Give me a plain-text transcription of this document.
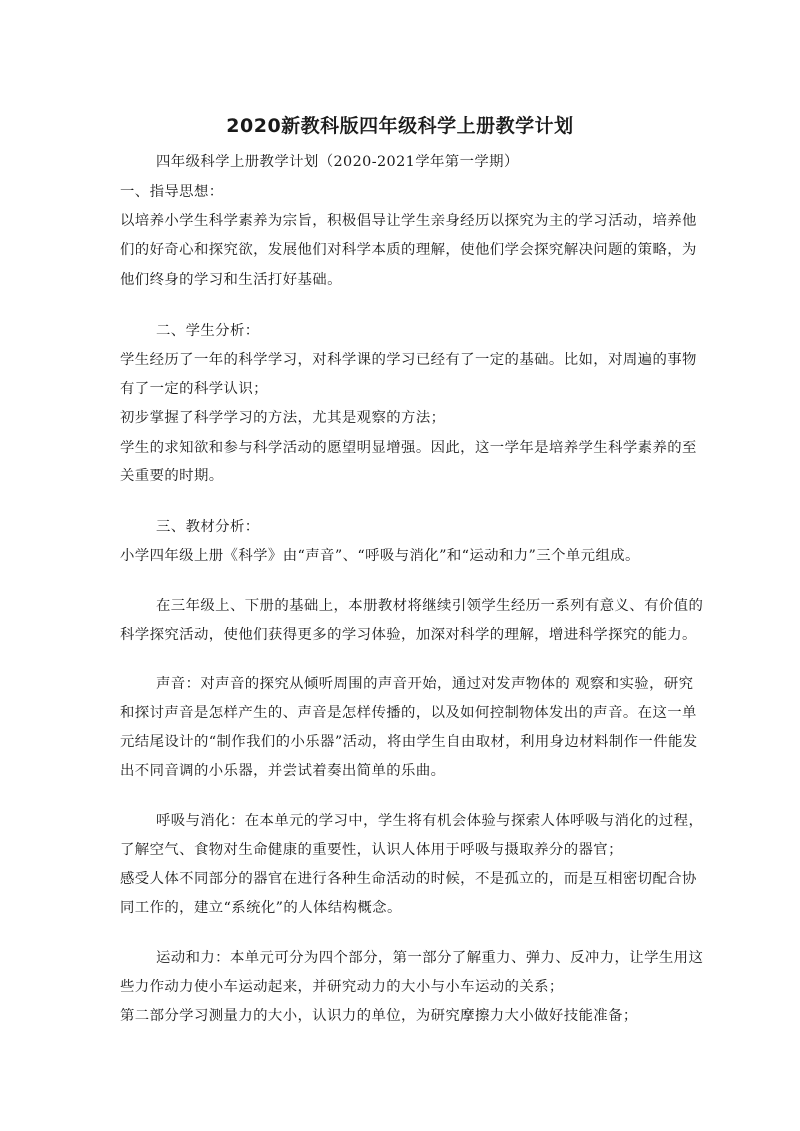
2020新教科版四年级科学上册教学计划
四年级科学上册教学计划（2020-2021学年第一学期）
一、指导思想：
以培养小学生科学素养为宗旨，积极倡导让学生亲身经历以探究为主的学习活动，培养他
们的好奇心和探究欲，发展他们对科学本质的理解，使他们学会探究解决问题的策略，为
他们终身的学习和生活打好基础。
二、学生分析：
学生经历了一年的科学学习，对科学课的学习已经有了一定的基础。比如，对周遍的事物
有了一定的科学认识；
初步掌握了科学学习的方法，尤其是观察的方法；
学生的求知欲和参与科学活动的愿望明显增强。因此，这一学年是培养学生科学素养的至
关重要的时期。
三、教材分析：
小学四年级上册《科学》由“声音”、“呼吸与消化”和“运动和力”三个单元组成。
在三年级上、下册的基础上，本册教材将继续引领学生经历一系列有意义、有价值的
科学探究活动，使他们获得更多的学习体验，加深对科学的理解，增进科学探究的能力。
声音：对声音的探究从倾听周围的声音开始，通过对发声物体的 观察和实验，研究
和探讨声音是怎样产生的、声音是怎样传播的，以及如何控制物体发出的声音。在这一单
元结尾设计的“制作我们的小乐器”活动，将由学生自由取材，利用身边材料制作一件能发
出不同音调的小乐器，并尝试着奏出简单的乐曲。
呼吸与消化：在本单元的学习中，学生将有机会体验与探索人体呼吸与消化的过程，
了解空气、食物对生命健康的重要性，认识人体用于呼吸与摄取养分的器官；
感受人体不同部分的器官在进行各种生命活动的时候，不是孤立的，而是互相密切配合协
同工作的，建立“系统化”的人体结构概念。
运动和力：本单元可分为四个部分，第一部分了解重力、弹力、反冲力，让学生用这
些力作动力使小车运动起来，并研究动力的大小与小车运动的关系；
第二部分学习测量力的大小，认识力的单位，为研究摩擦力大小做好技能准备；
